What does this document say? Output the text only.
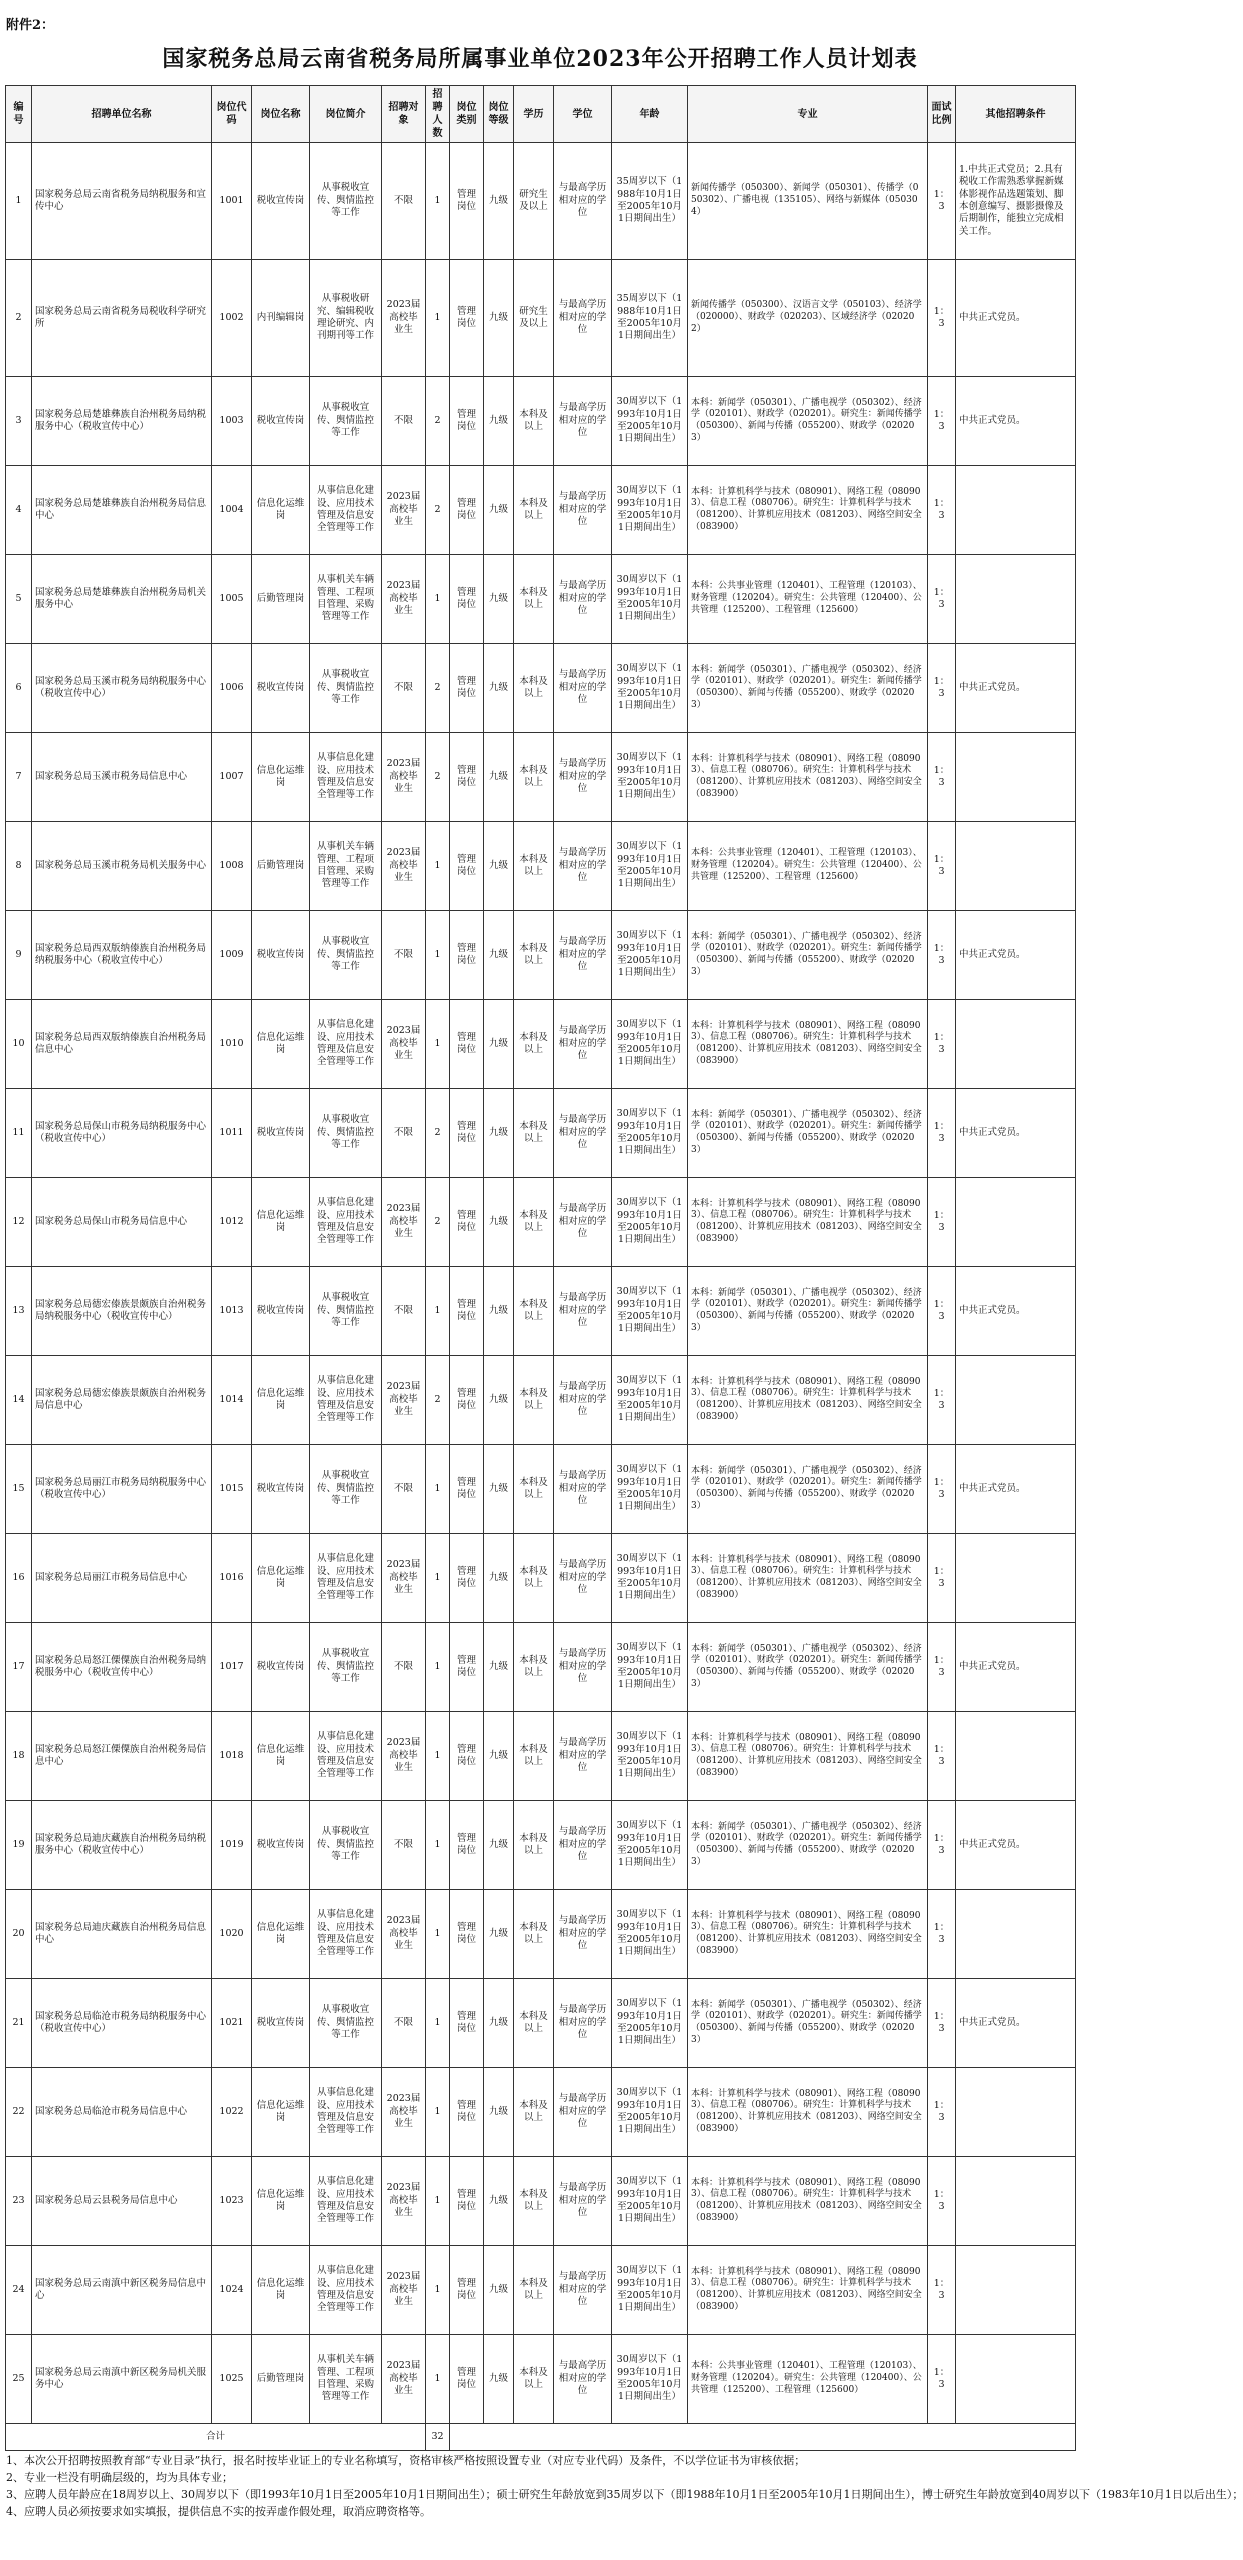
附件2：
国家税务总局云南省税务局所属事业单位2023年公开招聘工作人员计划表
编号	招聘单位名称	岗位代码	岗位名称	岗位简介	招聘对象	招聘人数	岗位类别	岗位等级	学历	学位	年龄	专业	面试比例	其他招聘条件
1	国家税务总局云南省税务局纳税服务和宣传中心	1001	税收宣传岗	从事税收宣传、舆情监控等工作	不限	1	管理岗位	九级	研究生及以上	与最高学历相对应的学位	35周岁以下（1988年10月1日至2005年10月1日期间出生）	新闻传播学（050300）、新闻学（050301）、传播学（050302）、广播电视（135105）、网络与新媒体（050304）	1：3	1.中共正式党员；2.具有税收工作需熟悉掌握新媒体影视作品选题策划、脚本创意编写、摄影摄像及后期制作，能独立完成相关工作。
2	国家税务总局云南省税务局税收科学研究所	1002	内刊编辑岗	从事税收研究、编辑税收理论研究、内刊期刊等工作	2023届高校毕业生	1	管理岗位	九级	研究生及以上	与最高学历相对应的学位	35周岁以下（1988年10月1日至2005年10月1日期间出生）	新闻传播学（050300）、汉语言文学（050103）、经济学（020000）、财政学（020203）、区域经济学（020202）	1：3	中共正式党员。
3	国家税务总局楚雄彝族自治州税务局纳税服务中心（税收宣传中心）	1003	税收宣传岗	从事税收宣传、舆情监控等工作	不限	2	管理岗位	九级	本科及以上	与最高学历相对应的学位	30周岁以下（1993年10月1日至2005年10月1日期间出生）	本科：新闻学（050301）、广播电视学（050302）、经济学（020101）、财政学（020201）。研究生：新闻传播学（050300）、新闻与传播（055200）、财政学（020203）	1：3	中共正式党员。
4	国家税务总局楚雄彝族自治州税务局信息中心	1004	信息化运维岗	从事信息化建设、应用技术管理及信息安全管理等工作	2023届高校毕业生	2	管理岗位	九级	本科及以上	与最高学历相对应的学位	30周岁以下（1993年10月1日至2005年10月1日期间出生）	本科：计算机科学与技术（080901）、网络工程（080903）、信息工程（080706）。研究生：计算机科学与技术（081200）、计算机应用技术（081203）、网络空间安全（083900）	1：3	
5	国家税务总局楚雄彝族自治州税务局机关服务中心	1005	后勤管理岗	从事机关车辆管理、工程项目管理、采购管理等工作	2023届高校毕业生	1	管理岗位	九级	本科及以上	与最高学历相对应的学位	30周岁以下（1993年10月1日至2005年10月1日期间出生）	本科：公共事业管理（120401）、工程管理（120103）、财务管理（120204）。研究生：公共管理（120400）、公共管理（125200）、工程管理（125600）	1：3	
6	国家税务总局玉溪市税务局纳税服务中心（税收宣传中心）	1006	税收宣传岗	从事税收宣传、舆情监控等工作	不限	2	管理岗位	九级	本科及以上	与最高学历相对应的学位	30周岁以下（1993年10月1日至2005年10月1日期间出生）	本科：新闻学（050301）、广播电视学（050302）、经济学（020101）、财政学（020201）。研究生：新闻传播学（050300）、新闻与传播（055200）、财政学（020203）	1：3	中共正式党员。
7	国家税务总局玉溪市税务局信息中心	1007	信息化运维岗	从事信息化建设、应用技术管理及信息安全管理等工作	2023届高校毕业生	2	管理岗位	九级	本科及以上	与最高学历相对应的学位	30周岁以下（1993年10月1日至2005年10月1日期间出生）	本科：计算机科学与技术（080901）、网络工程（080903）、信息工程（080706）。研究生：计算机科学与技术（081200）、计算机应用技术（081203）、网络空间安全（083900）	1：3	
8	国家税务总局玉溪市税务局机关服务中心	1008	后勤管理岗	从事机关车辆管理、工程项目管理、采购管理等工作	2023届高校毕业生	1	管理岗位	九级	本科及以上	与最高学历相对应的学位	30周岁以下（1993年10月1日至2005年10月1日期间出生）	本科：公共事业管理（120401）、工程管理（120103）、财务管理（120204）。研究生：公共管理（120400）、公共管理（125200）、工程管理（125600）	1：3	
9	国家税务总局西双版纳傣族自治州税务局纳税服务中心（税收宣传中心）	1009	税收宣传岗	从事税收宣传、舆情监控等工作	不限	1	管理岗位	九级	本科及以上	与最高学历相对应的学位	30周岁以下（1993年10月1日至2005年10月1日期间出生）	本科：新闻学（050301）、广播电视学（050302）、经济学（020101）、财政学（020201）。研究生：新闻传播学（050300）、新闻与传播（055200）、财政学（020203）	1：3	中共正式党员。
10	国家税务总局西双版纳傣族自治州税务局信息中心	1010	信息化运维岗	从事信息化建设、应用技术管理及信息安全管理等工作	2023届高校毕业生	1	管理岗位	九级	本科及以上	与最高学历相对应的学位	30周岁以下（1993年10月1日至2005年10月1日期间出生）	本科：计算机科学与技术（080901）、网络工程（080903）、信息工程（080706）。研究生：计算机科学与技术（081200）、计算机应用技术（081203）、网络空间安全（083900）	1：3	
11	国家税务总局保山市税务局纳税服务中心（税收宣传中心）	1011	税收宣传岗	从事税收宣传、舆情监控等工作	不限	2	管理岗位	九级	本科及以上	与最高学历相对应的学位	30周岁以下（1993年10月1日至2005年10月1日期间出生）	本科：新闻学（050301）、广播电视学（050302）、经济学（020101）、财政学（020201）。研究生：新闻传播学（050300）、新闻与传播（055200）、财政学（020203）	1：3	中共正式党员。
12	国家税务总局保山市税务局信息中心	1012	信息化运维岗	从事信息化建设、应用技术管理及信息安全管理等工作	2023届高校毕业生	2	管理岗位	九级	本科及以上	与最高学历相对应的学位	30周岁以下（1993年10月1日至2005年10月1日期间出生）	本科：计算机科学与技术（080901）、网络工程（080903）、信息工程（080706）。研究生：计算机科学与技术（081200）、计算机应用技术（081203）、网络空间安全（083900）	1：3	
13	国家税务总局德宏傣族景颇族自治州税务局纳税服务中心（税收宣传中心）	1013	税收宣传岗	从事税收宣传、舆情监控等工作	不限	1	管理岗位	九级	本科及以上	与最高学历相对应的学位	30周岁以下（1993年10月1日至2005年10月1日期间出生）	本科：新闻学（050301）、广播电视学（050302）、经济学（020101）、财政学（020201）。研究生：新闻传播学（050300）、新闻与传播（055200）、财政学（020203）	1：3	中共正式党员。
14	国家税务总局德宏傣族景颇族自治州税务局信息中心	1014	信息化运维岗	从事信息化建设、应用技术管理及信息安全管理等工作	2023届高校毕业生	2	管理岗位	九级	本科及以上	与最高学历相对应的学位	30周岁以下（1993年10月1日至2005年10月1日期间出生）	本科：计算机科学与技术（080901）、网络工程（080903）、信息工程（080706）。研究生：计算机科学与技术（081200）、计算机应用技术（081203）、网络空间安全（083900）	1：3	
15	国家税务总局丽江市税务局纳税服务中心（税收宣传中心）	1015	税收宣传岗	从事税收宣传、舆情监控等工作	不限	1	管理岗位	九级	本科及以上	与最高学历相对应的学位	30周岁以下（1993年10月1日至2005年10月1日期间出生）	本科：新闻学（050301）、广播电视学（050302）、经济学（020101）、财政学（020201）。研究生：新闻传播学（050300）、新闻与传播（055200）、财政学（020203）	1：3	中共正式党员。
16	国家税务总局丽江市税务局信息中心	1016	信息化运维岗	从事信息化建设、应用技术管理及信息安全管理等工作	2023届高校毕业生	1	管理岗位	九级	本科及以上	与最高学历相对应的学位	30周岁以下（1993年10月1日至2005年10月1日期间出生）	本科：计算机科学与技术（080901）、网络工程（080903）、信息工程（080706）。研究生：计算机科学与技术（081200）、计算机应用技术（081203）、网络空间安全（083900）	1：3	
17	国家税务总局怒江傈僳族自治州税务局纳税服务中心（税收宣传中心）	1017	税收宣传岗	从事税收宣传、舆情监控等工作	不限	1	管理岗位	九级	本科及以上	与最高学历相对应的学位	30周岁以下（1993年10月1日至2005年10月1日期间出生）	本科：新闻学（050301）、广播电视学（050302）、经济学（020101）、财政学（020201）。研究生：新闻传播学（050300）、新闻与传播（055200）、财政学（020203）	1：3	中共正式党员。
18	国家税务总局怒江傈僳族自治州税务局信息中心	1018	信息化运维岗	从事信息化建设、应用技术管理及信息安全管理等工作	2023届高校毕业生	1	管理岗位	九级	本科及以上	与最高学历相对应的学位	30周岁以下（1993年10月1日至2005年10月1日期间出生）	本科：计算机科学与技术（080901）、网络工程（080903）、信息工程（080706）。研究生：计算机科学与技术（081200）、计算机应用技术（081203）、网络空间安全（083900）	1：3	
19	国家税务总局迪庆藏族自治州税务局纳税服务中心（税收宣传中心）	1019	税收宣传岗	从事税收宣传、舆情监控等工作	不限	1	管理岗位	九级	本科及以上	与最高学历相对应的学位	30周岁以下（1993年10月1日至2005年10月1日期间出生）	本科：新闻学（050301）、广播电视学（050302）、经济学（020101）、财政学（020201）。研究生：新闻传播学（050300）、新闻与传播（055200）、财政学（020203）	1：3	中共正式党员。
20	国家税务总局迪庆藏族自治州税务局信息中心	1020	信息化运维岗	从事信息化建设、应用技术管理及信息安全管理等工作	2023届高校毕业生	1	管理岗位	九级	本科及以上	与最高学历相对应的学位	30周岁以下（1993年10月1日至2005年10月1日期间出生）	本科：计算机科学与技术（080901）、网络工程（080903）、信息工程（080706）。研究生：计算机科学与技术（081200）、计算机应用技术（081203）、网络空间安全（083900）	1：3	
21	国家税务总局临沧市税务局纳税服务中心（税收宣传中心）	1021	税收宣传岗	从事税收宣传、舆情监控等工作	不限	1	管理岗位	九级	本科及以上	与最高学历相对应的学位	30周岁以下（1993年10月1日至2005年10月1日期间出生）	本科：新闻学（050301）、广播电视学（050302）、经济学（020101）、财政学（020201）。研究生：新闻传播学（050300）、新闻与传播（055200）、财政学（020203）	1：3	中共正式党员。
22	国家税务总局临沧市税务局信息中心	1022	信息化运维岗	从事信息化建设、应用技术管理及信息安全管理等工作	2023届高校毕业生	1	管理岗位	九级	本科及以上	与最高学历相对应的学位	30周岁以下（1993年10月1日至2005年10月1日期间出生）	本科：计算机科学与技术（080901）、网络工程（080903）、信息工程（080706）。研究生：计算机科学与技术（081200）、计算机应用技术（081203）、网络空间安全（083900）	1：3	
23	国家税务总局云县税务局信息中心	1023	信息化运维岗	从事信息化建设、应用技术管理及信息安全管理等工作	2023届高校毕业生	1	管理岗位	九级	本科及以上	与最高学历相对应的学位	30周岁以下（1993年10月1日至2005年10月1日期间出生）	本科：计算机科学与技术（080901）、网络工程（080903）、信息工程（080706）。研究生：计算机科学与技术（081200）、计算机应用技术（081203）、网络空间安全（083900）	1：3	
24	国家税务总局云南滇中新区税务局信息中心	1024	信息化运维岗	从事信息化建设、应用技术管理及信息安全管理等工作	2023届高校毕业生	1	管理岗位	九级	本科及以上	与最高学历相对应的学位	30周岁以下（1993年10月1日至2005年10月1日期间出生）	本科：计算机科学与技术（080901）、网络工程（080903）、信息工程（080706）。研究生：计算机科学与技术（081200）、计算机应用技术（081203）、网络空间安全（083900）	1：3	
25	国家税务总局云南滇中新区税务局机关服务中心	1025	后勤管理岗	从事机关车辆管理、工程项目管理、采购管理等工作	2023届高校毕业生	1	管理岗位	九级	本科及以上	与最高学历相对应的学位	30周岁以下（1993年10月1日至2005年10月1日期间出生）	本科：公共事业管理（120401）、工程管理（120103）、财务管理（120204）。研究生：公共管理（120400）、公共管理（125200）、工程管理（125600）	1：3	
合计						32								
1、本次公开招聘按照教育部“专业目录”执行，报名时按毕业证上的专业名称填写，资格审核严格按照设置专业（对应专业代码）及条件，不以学位证书为审核依据；
2、专业一栏没有明确层级的，均为具体专业；
3、应聘人员年龄应在18周岁以上、30周岁以下（即1993年10月1日至2005年10月1日期间出生）；硕士研究生年龄放宽到35周岁以下（即1988年10月1日至2005年10月1日期间出生），博士研究生年龄放宽到40周岁以下（1983年10月1日以后出生）；
4、应聘人员必须按要求如实填报，提供信息不实的按弄虚作假处理，取消应聘资格等。
